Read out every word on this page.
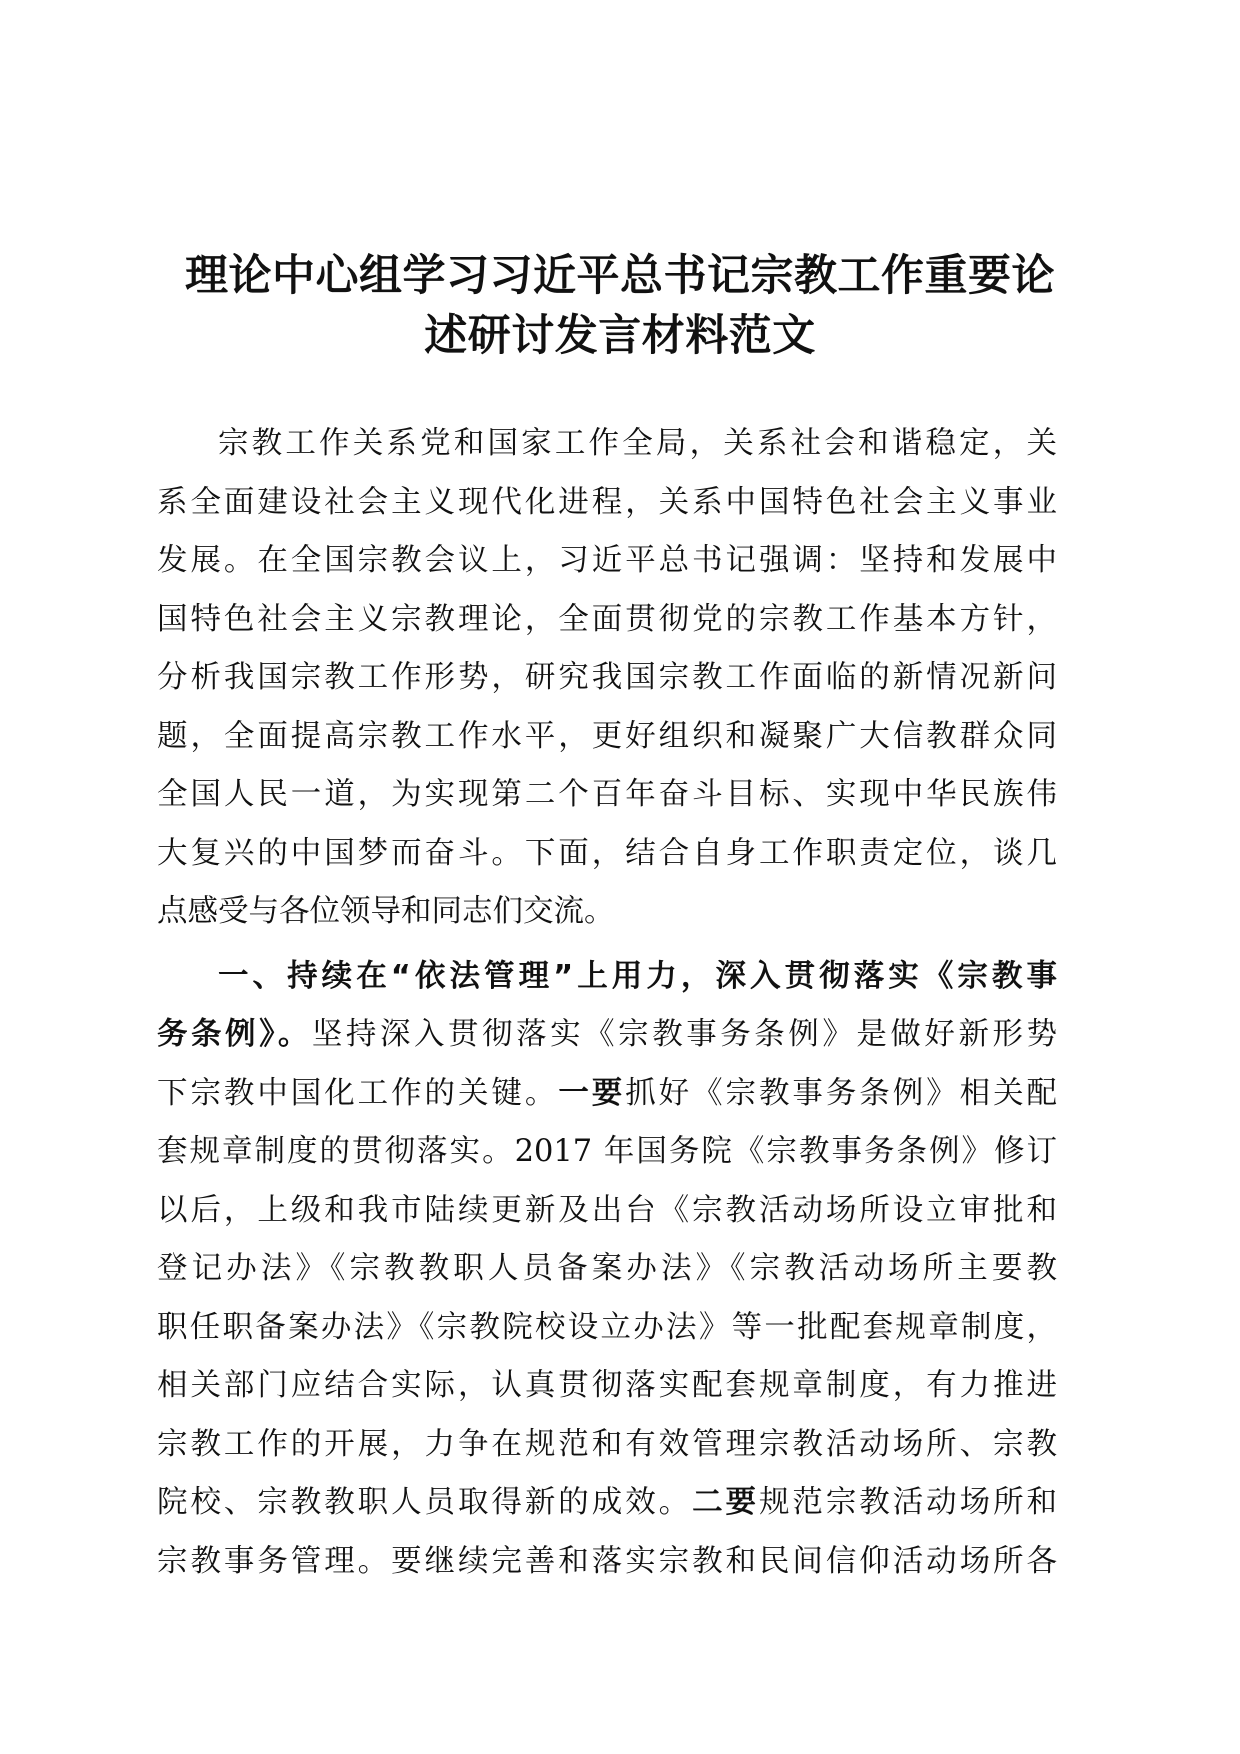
理论中心组学习习近平总书记宗教工作重要论
述研讨发言材料范文
宗教工作关系党和国家工作全局，关系社会和谐稳定，关
系全面建设社会主义现代化进程，关系中国特色社会主义事业
发展。在全国宗教会议上，习近平总书记强调：坚持和发展中
国特色社会主义宗教理论，全面贯彻党的宗教工作基本方针，
分析我国宗教工作形势，研究我国宗教工作面临的新情况新问
题，全面提高宗教工作水平，更好组织和凝聚广大信教群众同
全国人民一道，为实现第二个百年奋斗目标、实现中华民族伟
大复兴的中国梦而奋斗。下面，结合自身工作职责定位，谈几
点感受与各位领导和同志们交流。
一、持续在“依法管理”上用力，深入贯彻落实《宗教事
务条例》。坚持深入贯彻落实《宗教事务条例》是做好新形势
下宗教中国化工作的关键。一要抓好《宗教事务条例》相关配
套规章制度的贯彻落实。2017 年国务院《宗教事务条例》修订
以后，上级和我市陆续更新及出台《宗教活动场所设立审批和
登记办法》《宗教教职人员备案办法》《宗教活动场所主要教
职任职备案办法》《宗教院校设立办法》等一批配套规章制度，
相关部门应结合实际，认真贯彻落实配套规章制度，有力推进
宗教工作的开展，力争在规范和有效管理宗教活动场所、宗教
院校、宗教教职人员取得新的成效。二要规范宗教活动场所和
宗教事务管理。要继续完善和落实宗教和民间信仰活动场所各
